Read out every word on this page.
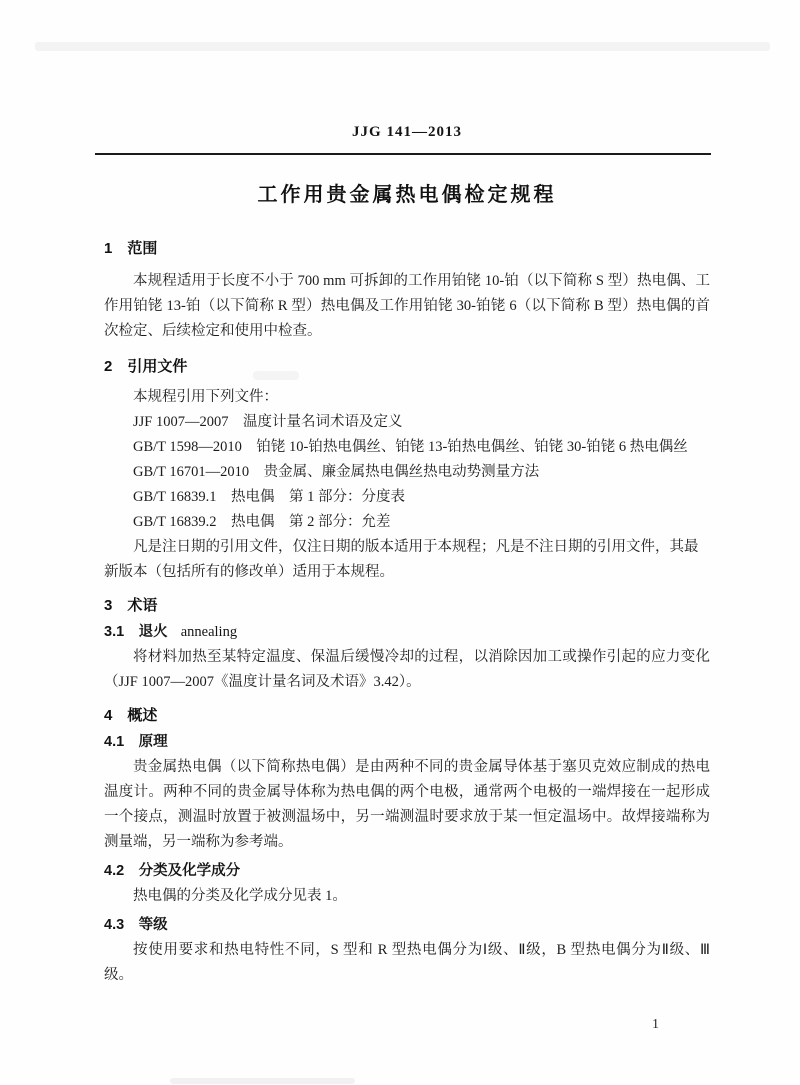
JJG 141—2013
工作用贵金属热电偶检定规程
1　范围

本规程适用于长度不小于 700 mm 可拆卸的工作用铂铑 10-铂（以下简称 S 型）热电偶、工作用铂铑 13-铂（以下简称 R 型）热电偶及工作用铂铑 30-铂铑 6（以下简称 B 型）热电偶的首次检定、后续检定和使用中检查。

2　引用文件

本规程引用下列文件：

JJF 1007—2007　温度计量名词术语及定义

GB/T 1598—2010　铂铑 10-铂热电偶丝、铂铑 13-铂热电偶丝、铂铑 30-铂铑 6 热电偶丝

GB/T 16701—2010　贵金属、廉金属热电偶丝热电动势测量方法

GB/T 16839.1　热电偶　第 1 部分：分度表

GB/T 16839.2　热电偶　第 2 部分：允差

凡是注日期的引用文件，仅注日期的版本适用于本规程；凡是不注日期的引用文件，其最新版本（包括所有的修改单）适用于本规程。

3　术语
3.1　退火 annealing

将材料加热至某特定温度、保温后缓慢冷却的过程，以消除因加工或操作引起的应力变化（JJF 1007—2007《温度计量名词及术语》3.42）。

4　概述
4.1　原理

贵金属热电偶（以下简称热电偶）是由两种不同的贵金属导体基于塞贝克效应制成的热电温度计。两种不同的贵金属导体称为热电偶的两个电极，通常两个电极的一端焊接在一起形成一个接点，测温时放置于被测温场中，另一端测温时要求放于某一恒定温场中。故焊接端称为测量端，另一端称为参考端。

4.2　分类及化学成分

热电偶的分类及化学成分见表 1。

4.3　等级

按使用要求和热电特性不同，S 型和 R 型热电偶分为Ⅰ级、Ⅱ级，B 型热电偶分为Ⅱ级、Ⅲ级。

1
